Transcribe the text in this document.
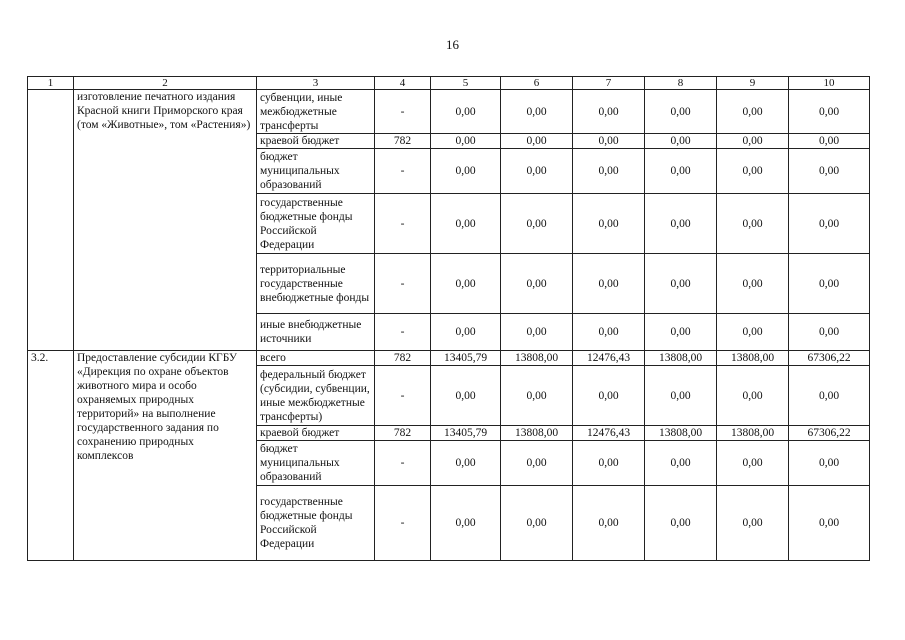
16
1	2	3	4	5	6	7	8	9	10
	изготовление печатного издания Красной книги Приморского края (том «Животные», том «Растения»)	субвенции, иные межбюджетные трансферты	-	0,00	0,00	0,00	0,00	0,00	0,00
		краевой бюджет	782	0,00	0,00	0,00	0,00	0,00	0,00
		бюджет муниципальных образований	-	0,00	0,00	0,00	0,00	0,00	0,00
		государственные бюджетные фонды Российской Федерации	-	0,00	0,00	0,00	0,00	0,00	0,00
		территориальные государственные внебюджетные фонды	-	0,00	0,00	0,00	0,00	0,00	0,00
		иные внебюджетные источники	-	0,00	0,00	0,00	0,00	0,00	0,00
3.2.	Предоставление субсидии КГБУ «Дирекция по охране объектов животного мира и особо охраняемых природных территорий» на выполнение государственного задания по сохранению природных комплексов	всего	782	13405,79	13808,00	12476,43	13808,00	13808,00	67306,22
		федеральный бюджет (субсидии, субвенции, иные межбюджетные трансферты)	-	0,00	0,00	0,00	0,00	0,00	0,00
		краевой бюджет	782	13405,79	13808,00	12476,43	13808,00	13808,00	67306,22
		бюджет муниципальных образований	-	0,00	0,00	0,00	0,00	0,00	0,00
		государственные бюджетные фонды Российской Федерации	-	0,00	0,00	0,00	0,00	0,00	0,00
